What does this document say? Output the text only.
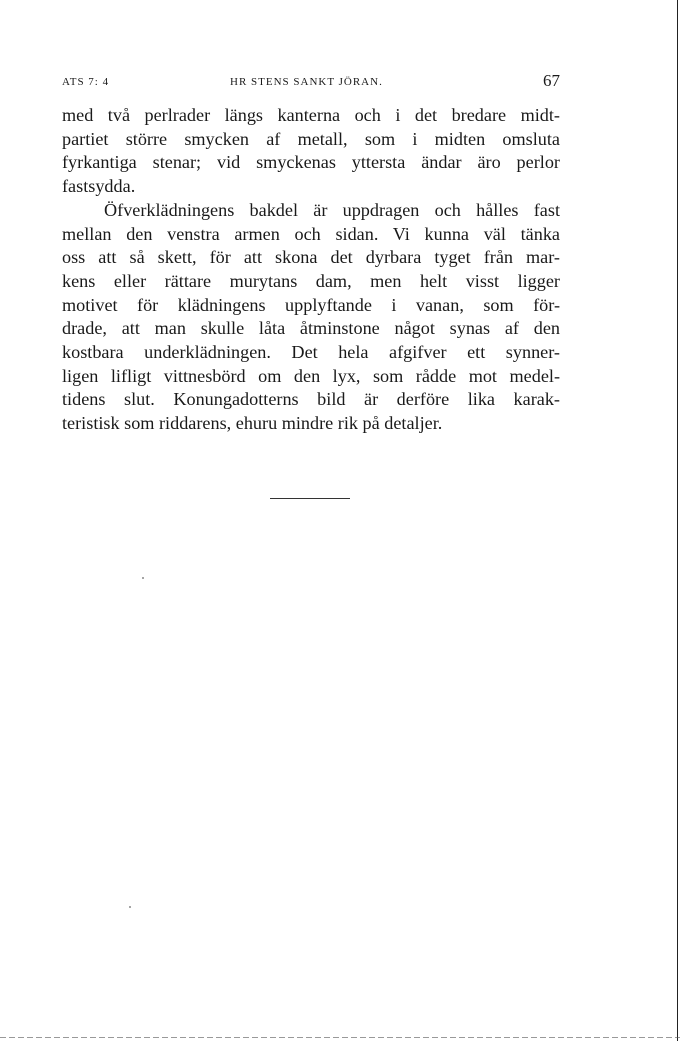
ATS 7: 4	HR STENS SANKT JÖRAN.	67
med två perlrader längs kanterna och i det bredare midt-
partiet större smycken af metall, som i midten omsluta
fyrkantiga stenar; vid smyckenas yttersta ändar äro perlor
fastsydda.
Öfverklädningens bakdel är uppdragen och hålles fast
mellan den venstra armen och sidan. Vi kunna väl tänka
oss att så skett, för att skona det dyrbara tyget från mar-
kens eller rättare murytans dam, men helt visst ligger
motivet för klädningens upplyftande i vanan, som för-
drade, att man skulle låta åtminstone något synas af den
kostbara underklädningen. Det hela afgifver ett synner-
ligen lifligt vittnesbörd om den lyx, som rådde mot medel-
tidens slut. Konungadotterns bild är derföre lika karak-
teristisk som riddarens, ehuru mindre rik på detaljer.
